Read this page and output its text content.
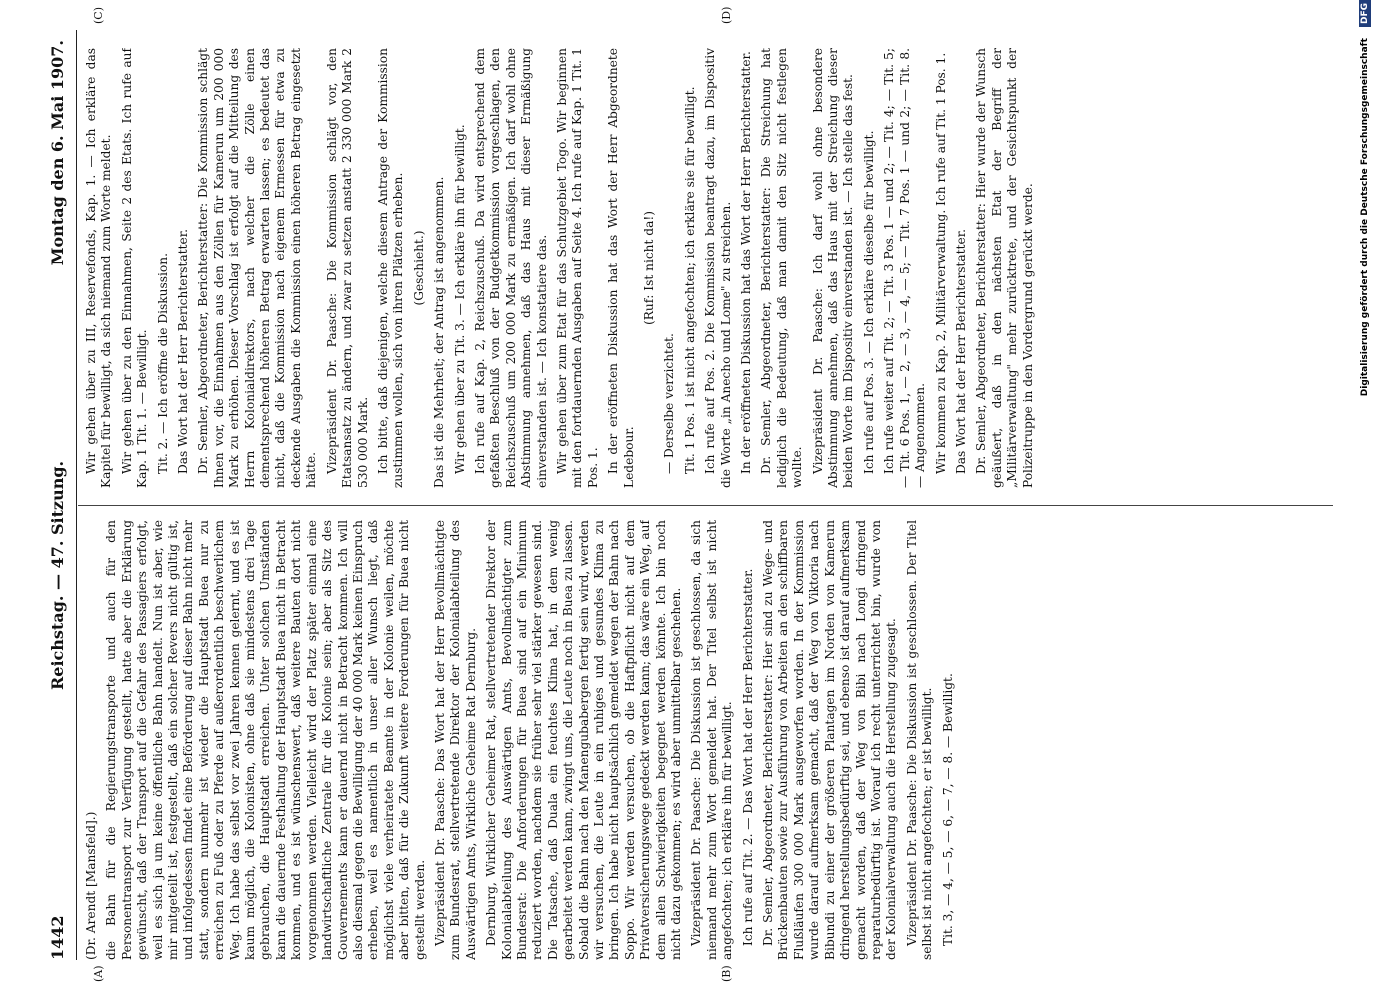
1442
Reichstag. — 47. Sitzung.
Montag den 6. Mai 1907.
(A)	(B)
(C)	(D)

(Dr. Arendt [Mansfeld].) die Bahn für die Regierungstransporte und auch für den Personentransport zur Verfügung gestellt, hatte aber die Erklärung gewünscht, daß der Transport auf die Gefahr des Passagiers erfolgt, weil es sich ja um keine öffentliche Bahn handelt. Nun ist aber, wie mir mitgeteilt ist, festgestellt, daß ein solcher Revers nicht gültig ist, und infolgedessen findet eine Beförderung auf dieser Bahn nicht mehr statt, sondern nunmehr ist wieder die Hauptstadt Buea nur zu erreichen zu Fuß oder zu Pferde auf außerordentlich beschwerlichem Weg. Ich habe das selbst vor zwei Jahren kennen gelernt, und es ist kaum möglich, die Kolonisten, ohne daß sie mindestens drei Tage gebrauchen, die Hauptstadt erreichen. Unter solchen Umständen kann die dauernde Festhaltung der Hauptstadt Buea nicht in Betracht kommen, und es ist wünschenswert, daß weitere Bauten dort nicht vorgenommen werden. Vielleicht wird der Platz später einmal eine landwirtschaftliche Zentrale für die Kolonie sein; aber als Sitz des Gouvernements kann er dauernd nicht in Betracht kommen. Ich will also diesmal gegen die Bewilligung der 40 000 Mark keinen Einspruch erheben, weil es namentlich in unser aller Wunsch liegt, daß möglichst viele verheiratete Beamte in der Kolonie weilen, möchte aber bitten, daß für die Zukunft weitere Forderungen für Buea nicht gestellt werden. Vizepräsident Dr. Paasche: Das Wort hat der Herr Bevollmächtigte zum Bundesrat, stellvertretende Direktor der Kolonialabteilung des Auswärtigen Amts, Wirkliche Geheime Rat Dernburg. Dernburg, Wirklicher Geheimer Rat, stellvertretender Direktor der Kolonialabteilung des Auswärtigen Amts, Bevollmächtigter zum Bundesrat: Die Anforderungen für Buea sind auf ein Minimum reduziert worden, nachdem sie früher sehr viel stärker gewesen sind. Die Tatsache, daß Duala ein feuchtes Klima hat, in dem wenig gearbeitet werden kann, zwingt uns, die Leute noch in Buea zu lassen. Sobald die Bahn nach den Manengubabergen fertig sein wird, werden wir versuchen, die Leute in ein ruhiges und gesundes Klima zu bringen. Ich habe nicht hauptsächlich gemeldet wegen der Bahn nach Soppo. Wir werden versuchen, ob die Haftpflicht nicht auf dem Privatversicherungswege gedeckt werden kann; das wäre ein Weg, auf dem allen Schwierigkeiten begegnet werden könnte. Ich bin noch nicht dazu gekommen; es wird aber unmittelbar geschehen. Vizepräsident Dr. Paasche: Die Diskussion ist geschlossen, da sich niemand mehr zum Wort gemeldet hat. Der Titel selbst ist nicht angefochten; ich erkläre ihn für bewilligt. Ich rufe auf Tit. 2. — Das Wort hat der Herr Berichterstatter. Dr. Semler, Abgeordneter, Berichterstatter: Hier sind zu Wege- und Brückenbauten sowie zur Ausführung von Arbeiten an den schiffbaren Flußläufen 300 000 Mark ausgeworfen worden. In der Kommission wurde darauf aufmerksam gemacht, daß der Weg von Viktoria nach Bibundi zu einer der größeren Plantagen im Norden von Kamerun dringend herstellungsbedürftig sei, und ebenso ist darauf aufmerksam gemacht worden, daß der Weg von Bibi nach Longi dringend reparaturbedürftig ist. Worauf ich recht unterrichtet bin, wurde von der Kolonialverwaltung auch die Herstellung zugesagt. Vizepräsident Dr. Paasche: Die Diskussion ist geschlossen. Der Titel selbst ist nicht angefochten; er ist bewilligt. Tit. 3, — 4, — 5, — 6, — 7, — 8. — Bewilligt.

Wir gehen über zu III, Reservefonds, Kap. 1. — Ich erkläre das Kapitel für bewilligt, da sich niemand zum Worte meldet. Wir gehen über zu den Einnahmen, Seite 2 des Etats. Ich rufe auf Kap. 1 Tit. 1. — Bewilligt. Tit. 2. — Ich eröffne die Diskussion. Das Wort hat der Herr Berichterstatter. Dr. Semler, Abgeordneter, Berichterstatter: Die Kommission schlägt Ihnen vor, die Einnahmen aus den Zöllen für Kamerun um 200 000 Mark zu erhöhen. Dieser Vorschlag ist erfolgt auf die Mitteilung des Herrn Kolonialdirektors, nach welcher die Zölle einen dementsprechend höheren Betrag erwarten lassen; es bedeutet das nicht, daß die Kommission nach eigenem Ermessen für etwa zu deckende Ausgaben die Kommission einen höheren Betrag eingesetzt hätte. Vizepräsident Dr. Paasche: Die Kommission schlägt vor, den Etatsansatz zu ändern, und zwar zu setzen anstatt 2 330 000 Mark 2 530 000 Mark. Ich bitte, daß diejenigen, welche diesem Antrage der Kommission zustimmen wollen, sich von ihren Plätzen erheben. (Geschieht.) Das ist die Mehrheit; der Antrag ist angenommen. Wir gehen über zu Tit. 3. — Ich erkläre ihn für bewilligt. Ich rufe auf Kap. 2, Reichszuschuß. Da wird entsprechend dem gefaßten Beschluß von der Budgetkommission vorgeschlagen, den Reichszuschuß um 200 000 Mark zu ermäßigen. Ich darf wohl ohne Abstimmung annehmen, daß das Haus mit dieser Ermäßigung einverstanden ist. — Ich konstatiere das. Wir gehen über zum Etat für das Schutzgebiet Togo. Wir beginnen mit den fortdauernden Ausgaben auf Seite 4. Ich rufe auf Kap. 1 Tit. 1 Pos. 1. In der eröffneten Diskussion hat das Wort der Herr Abgeordnete Ledebour.

(Ruf: Ist nicht da!)

— Derselbe verzichtet. Tit. 1 Pos. 1 ist nicht angefochten; ich erkläre sie für bewilligt. Ich rufe auf Pos. 2. Die Kommission beantragt dazu, im Dispositiv die Worte „in Anecho und Lome" zu streichen. In der eröffneten Diskussion hat das Wort der Herr Berichterstatter. Dr. Semler, Abgeordneter, Berichterstatter: Die Streichung hat lediglich die Bedeutung, daß man damit den Sitz nicht festlegen wollte. Vizepräsident Dr. Paasche: Ich darf wohl ohne besondere Abstimmung annehmen, daß das Haus mit der Streichung dieser beiden Worte im Dispositiv einverstanden ist. — Ich stelle das fest. Ich rufe auf Pos. 3. — Ich erkläre dieselbe für bewilligt. Ich rufe weiter auf Tit. 2; — Tit. 3 Pos. 1 — und 2; — Tit. 4; — Tit. 5; — Tit. 6 Pos. 1, — 2, — 3, — 4, — 5; — Tit. 7 Pos. 1 — und 2; — Tit. 8. — Angenommen. Wir kommen zu Kap. 2, Militärverwaltung. Ich rufe auf Tit. 1 Pos. 1. Das Wort hat der Herr Berichterstatter. Dr. Semler, Abgeordneter, Berichterstatter: Hier wurde der Wunsch geäußert, daß in den nächsten Etat der Begriff der „Militärverwaltung" mehr zurücktrete, und der Gesichtspunkt der Polizeitruppe in den Vordergrund gerückt werde.	Digitalisierung gefördert durch die Deutsche Forschungsgemeinschaft DFG
